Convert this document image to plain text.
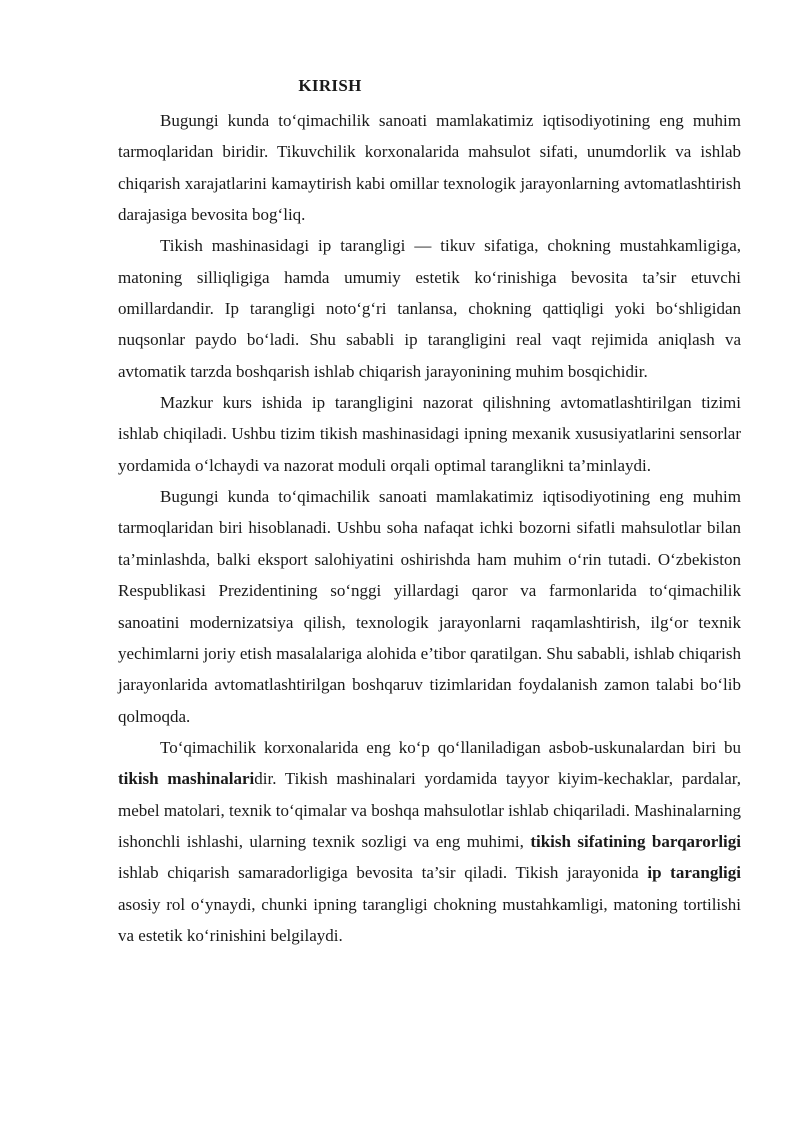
KIRISH

Bugungi kunda to‘qimachilik sanoati mamlakatimiz iqtisodiyotining eng muhim tarmoqlaridan biridir. Tikuvchilik korxonalarida mahsulot sifati, unumdorlik va ishlab chiqarish xarajatlarini kamaytirish kabi omillar texnologik jarayonlarning avtomatlashtirish darajasiga bevosita bog‘liq.

Tikish mashinasidagi ip tarangligi — tikuv sifatiga, chokning mustahkamligiga, matoning silliqligiga hamda umumiy estetik ko‘rinishiga bevosita ta’sir etuvchi omillardandir. Ip tarangligi noto‘g‘ri tanlansa, chokning qattiqligi yoki bo‘shligidan nuqsonlar paydo bo‘ladi. Shu sababli ip tarangligini real vaqt rejimida aniqlash va avtomatik tarzda boshqarish ishlab chiqarish jarayonining muhim bosqichidir.

Mazkur kurs ishida ip tarangligini nazorat qilishning avtomatlashtirilgan tizimi ishlab chiqiladi. Ushbu tizim tikish mashinasidagi ipning mexanik xususiyatlarini sensorlar yordamida o‘lchaydi va nazorat moduli orqali optimal taranglikni ta’minlaydi.

Bugungi kunda to‘qimachilik sanoati mamlakatimiz iqtisodiyotining eng muhim tarmoqlaridan biri hisoblanadi. Ushbu soha nafaqat ichki bozorni sifatli mahsulotlar bilan ta’minlashda, balki eksport salohiyatini oshirishda ham muhim o‘rin tutadi. O‘zbekiston Respublikasi Prezidentining so‘nggi yillardagi qaror va farmonlarida to‘qimachilik sanoatini modernizatsiya qilish, texnologik jarayonlarni raqamlashtirish, ilg‘or texnik yechimlarni joriy etish masalalariga alohida e’tibor qaratilgan. Shu sababli, ishlab chiqarish jarayonlarida avtomatlashtirilgan boshqaruv tizimlaridan foydalanish zamon talabi bo‘lib qolmoqda.

To‘qimachilik korxonalarida eng ko‘p qo‘llaniladigan asbob-uskunalardan biri bu tikish mashinalaridir. Tikish mashinalari yordamida tayyor kiyim-kechaklar, pardalar, mebel matolari, texnik to‘qimalar va boshqa mahsulotlar ishlab chiqariladi. Mashinalarning ishonchli ishlashi, ularning texnik sozligi va eng muhimi, tikish sifatining barqarorligi ishlab chiqarish samaradorligiga bevosita ta’sir qiladi. Tikish jarayonida ip tarangligi asosiy rol o‘ynaydi, chunki ipning tarangligi chokning mustahkamligi, matoning tortilishi va estetik ko‘rinishini belgilaydi.
